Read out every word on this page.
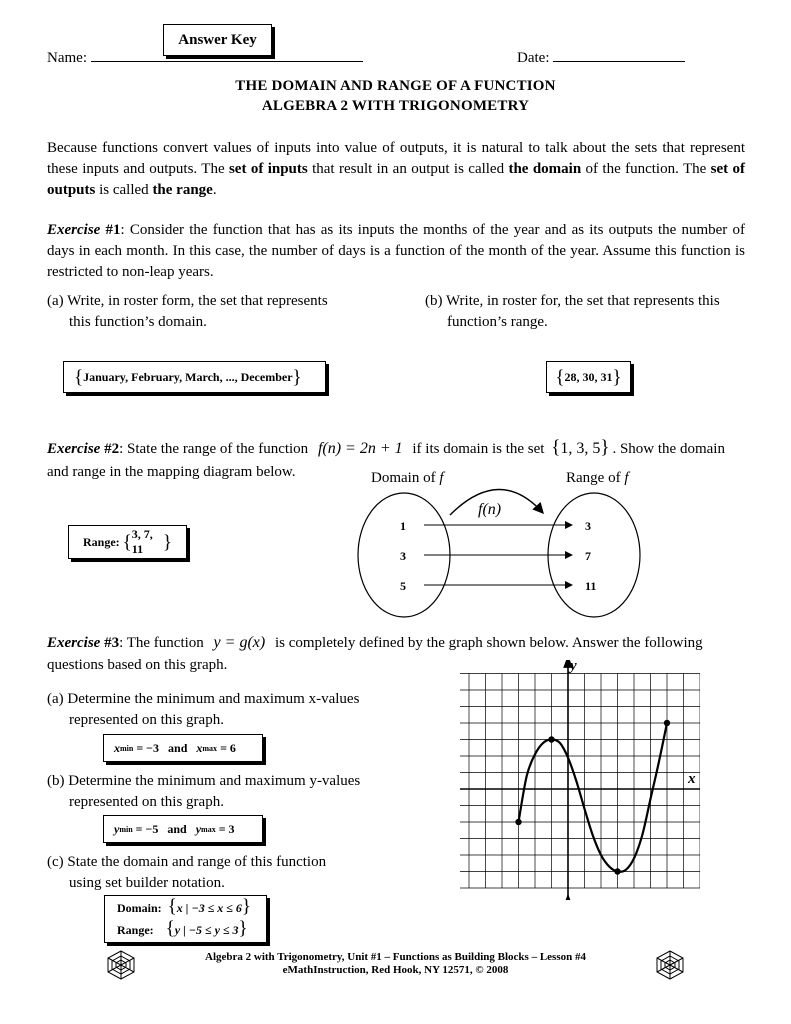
Answer Key
Name:	Date:
THE DOMAIN AND RANGE OF A FUNCTION
ALGEBRA 2 WITH TRIGONOMETRY
Because functions convert values of inputs into value of outputs, it is natural to talk about the sets that represent these inputs and outputs. The set of inputs that result in an output is called the domain of the function. The set of outputs is called the range.
Exercise #1: Consider the function that has as its inputs the months of the year and as its outputs the number of days in each month. In this case, the number of days is a function of the month of the year. Assume this function is restricted to non-leap years.
(a) Write, in roster form, the set that represents
this function’s domain.
(b) Write, in roster for, the set that represents this
function’s range.
{ January, February, March, ..., December }	{ 28, 30, 31 }
Exercise #2: State the range of the function f(n) = 2n + 1 if its domain is the set {1, 3, 5} . Show the domain
and range in the mapping diagram below.
Range:
{ 3, 7, 11	}
Domain of f	Range of f
f(n)
1	3
3	7
5	11
Exercise #3: The function y = g(x) is completely defined by the graph shown below. Answer the following
questions based on this graph.
(a) Determine the minimum and maximum x-values
represented on this graph.
x min
= −3
and
x max
= 6
(b) Determine the minimum and maximum y-values
represented on this graph.
y min
= −5
and
y max
= 3
(c) State the domain and range of this function
using set builder notation.
Domain: {x | −3 ≤ x ≤ 6}
Range: {y | −5 ≤ y ≤ 3}
x
y
Algebra 2 with Trigonometry, Unit #1 – Functions as Building Blocks – Lesson #4
eMathInstruction, Red Hook, NY 12571, © 2008
